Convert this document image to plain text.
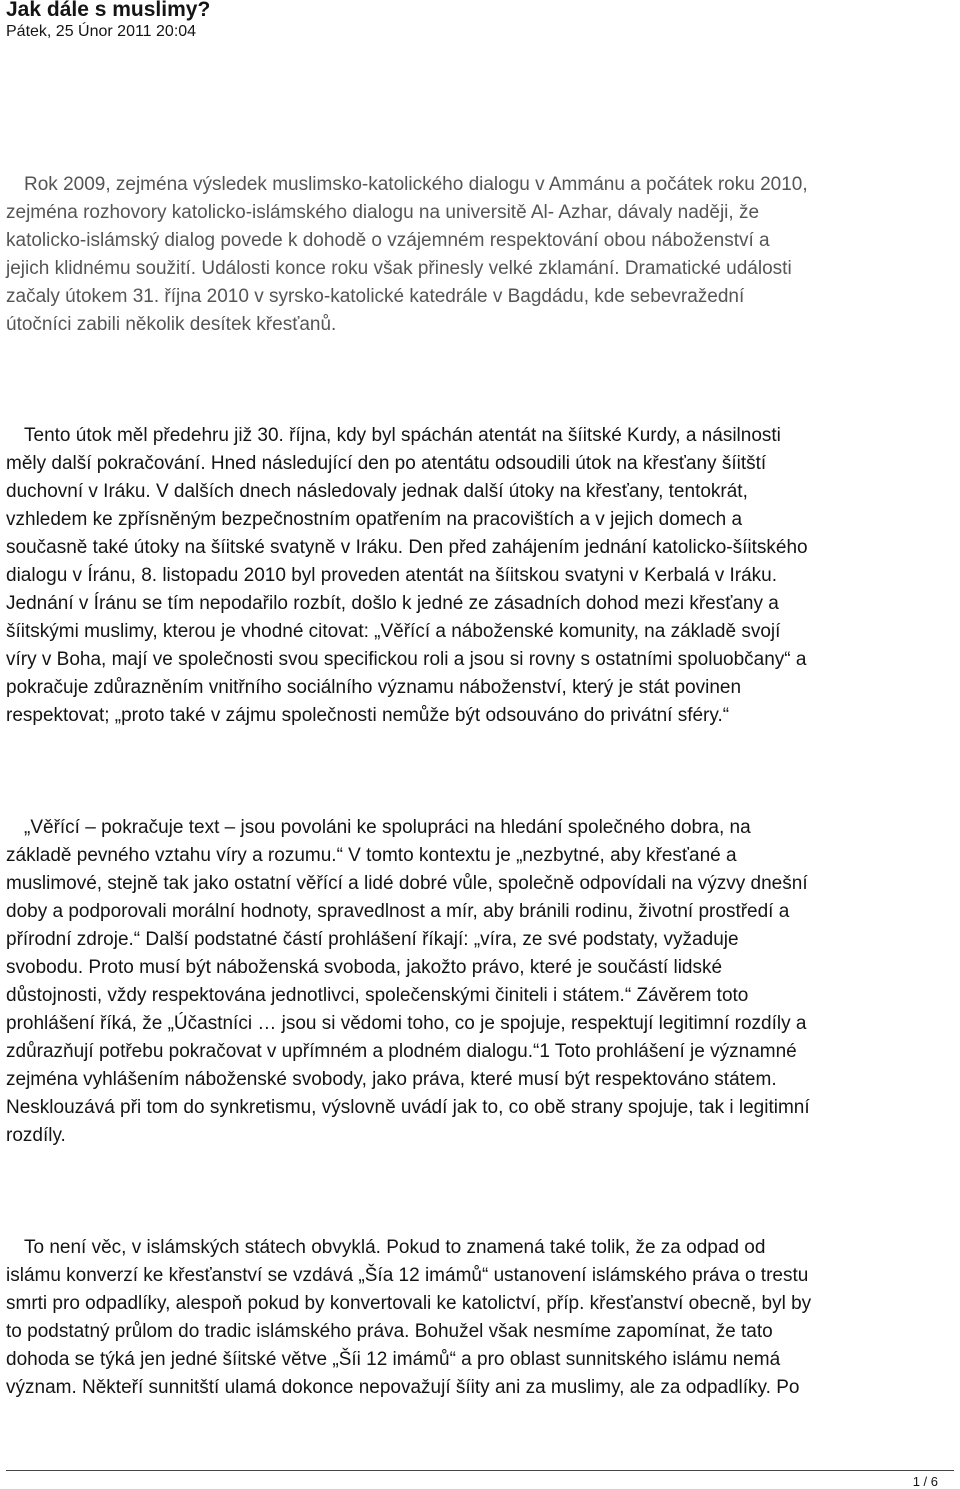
Jak dále s muslimy?
Pátek, 25 Únor 2011 20:04
Rok 2009, zejména výsledek muslimsko-katolického dialogu v Ammánu a počátek roku 2010,
zejména rozhovory katolicko-islámského dialogu na universitě Al- Azhar, dávaly naději, že
katolicko-islámský dialog povede k dohodě o vzájemném respektování obou náboženství a
jejich klidnému soužití. Události konce roku však přinesly velké zklamání. Dramatické události
začaly útokem 31. října 2010 v syrsko-katolické katedrále v Bagdádu, kde sebevražední
útočníci zabili několik desítek křesťanů.
Tento útok měl předehru již 30. října, kdy byl spáchán atentát na šíitské Kurdy, a násilnosti
měly další pokračování. Hned následující den po atentátu odsoudili útok na křesťany šíitští
duchovní v Iráku. V dalších dnech následovaly jednak další útoky na křesťany, tentokrát,
vzhledem ke zpřísněným bezpečnostním opatřením na pracovištích a v jejich domech a
současně také útoky na šíitské svatyně v Iráku. Den před zahájením jednání katolicko-šíitského
dialogu v Íránu, 8. listopadu 2010 byl proveden atentát na šíitskou svatyni v Kerbalá v Iráku.
Jednání v Íránu se tím nepodařilo rozbít, došlo k jedné ze zásadních dohod mezi křesťany a
šíitskými muslimy, kterou je vhodné citovat: „Věřící a náboženské komunity, na základě svojí
víry v Boha, mají ve společnosti svou specifickou roli a jsou si rovny s ostatními spoluobčany“ a
pokračuje zdůrazněním vnitřního sociálního významu náboženství, který je stát povinen
respektovat; „proto také v zájmu společnosti nemůže být odsouváno do privátní sféry.“
„Věřící – pokračuje text – jsou povoláni ke spolupráci na hledání společného dobra, na
základě pevného vztahu víry a rozumu.“ V tomto kontextu je „nezbytné, aby křesťané a
muslimové, stejně tak jako ostatní věřící a lidé dobré vůle, společně odpovídali na výzvy dnešní
doby a podporovali morální hodnoty, spravedlnost a mír, aby bránili rodinu, životní prostředí a
přírodní zdroje.“ Další podstatné částí prohlášení říkají: „víra, ze své podstaty, vyžaduje
svobodu. Proto musí být náboženská svoboda, jakožto právo, které je součástí lidské
důstojnosti, vždy respektována jednotlivci, společenskými činiteli i státem.“ Závěrem toto
prohlášení říká, že „Účastníci … jsou si vědomi toho, co je spojuje, respektují legitimní rozdíly a
zdůrazňují potřebu pokračovat v upřímném a plodném dialogu.“1 Toto prohlášení je významné
zejména vyhlášením náboženské svobody, jako práva, které musí být respektováno státem.
Nesklouzává při tom do synkretismu, výslovně uvádí jak to, co obě strany spojuje, tak i legitimní
rozdíly.
To není věc, v islámských státech obvyklá. Pokud to znamená také tolik, že za odpad od
islámu konverzí ke křesťanství se vzdává „Šía 12 imámů“ ustanovení islámského práva o trestu
smrti pro odpadlíky, alespoň pokud by konvertovali ke katolictví, příp. křesťanství obecně, byl by
to podstatný průlom do tradic islámského práva. Bohužel však nesmíme zapomínat, že tato
dohoda se týká jen jedné šíitské větve „Šíi 12 imámů“ a pro oblast sunnitského islámu nemá
význam. Někteří sunnitští ulamá dokonce nepovažují šíity ani za muslimy, ale za odpadlíky. Po
1 / 6
